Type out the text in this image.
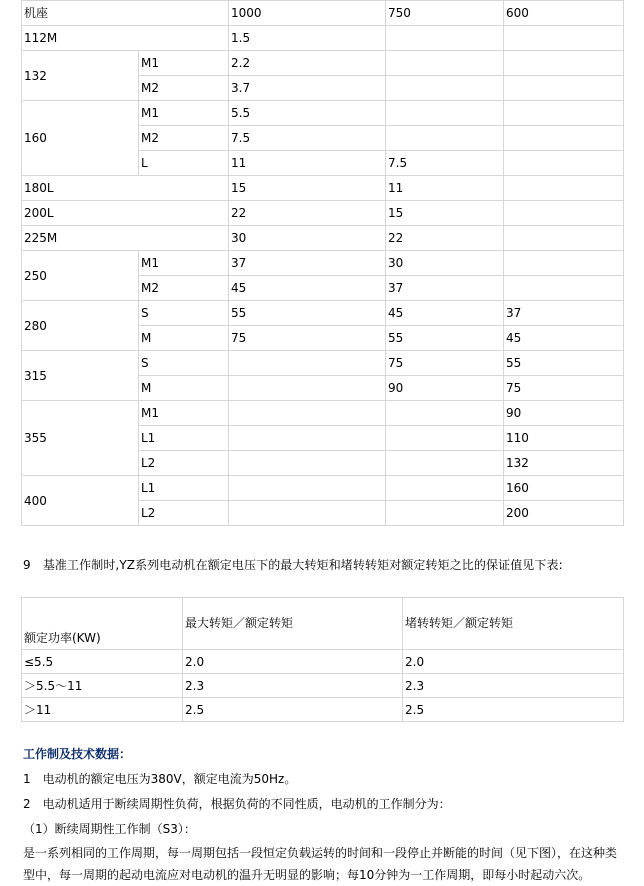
机座		1000	750	600
112M		1.5		
132	M1	2.2		
	M2	3.7		
160	M1	5.5		
	M2	7.5		
	L	11	7.5	
180L		15	11	
200L		22	15	
225M		30	22	
250	M1	37	30	
	M2	45	37	
280	S	55	45	37
	M	75	55	45
315	S		75	55
	M		90	75
355	M1			90
	L1			110
	L2			132
400	L1			160
	L2			200
9　基准工作制时,YZ系列电动机在额定电压下的最大转矩和堵转转矩对额定转矩之比的保证值见下表:
额定功率(KW)	最大转矩／额定转矩	堵转转矩／额定转矩
≤5.5	2.0	2.0
＞5.5～11	2.3	2.3
＞11	2.5	2.5
工作制及技术数据：
1　电动机的额定电压为380V，额定电流为50Hz。
2　电动机适用于断续周期性负荷，根据负荷的不同性质，电动机的工作制分为：
（1）断续周期性工作制（S3）：
是一系列相同的工作周期，每一周期包括一段恒定负载运转的时间和一段停止并断能的时间（见下图），在这种类型中，每一周期的起动电流应对电动机的温升无明显的影响；每10分钟为一工作周期，即每小时起动六次。
